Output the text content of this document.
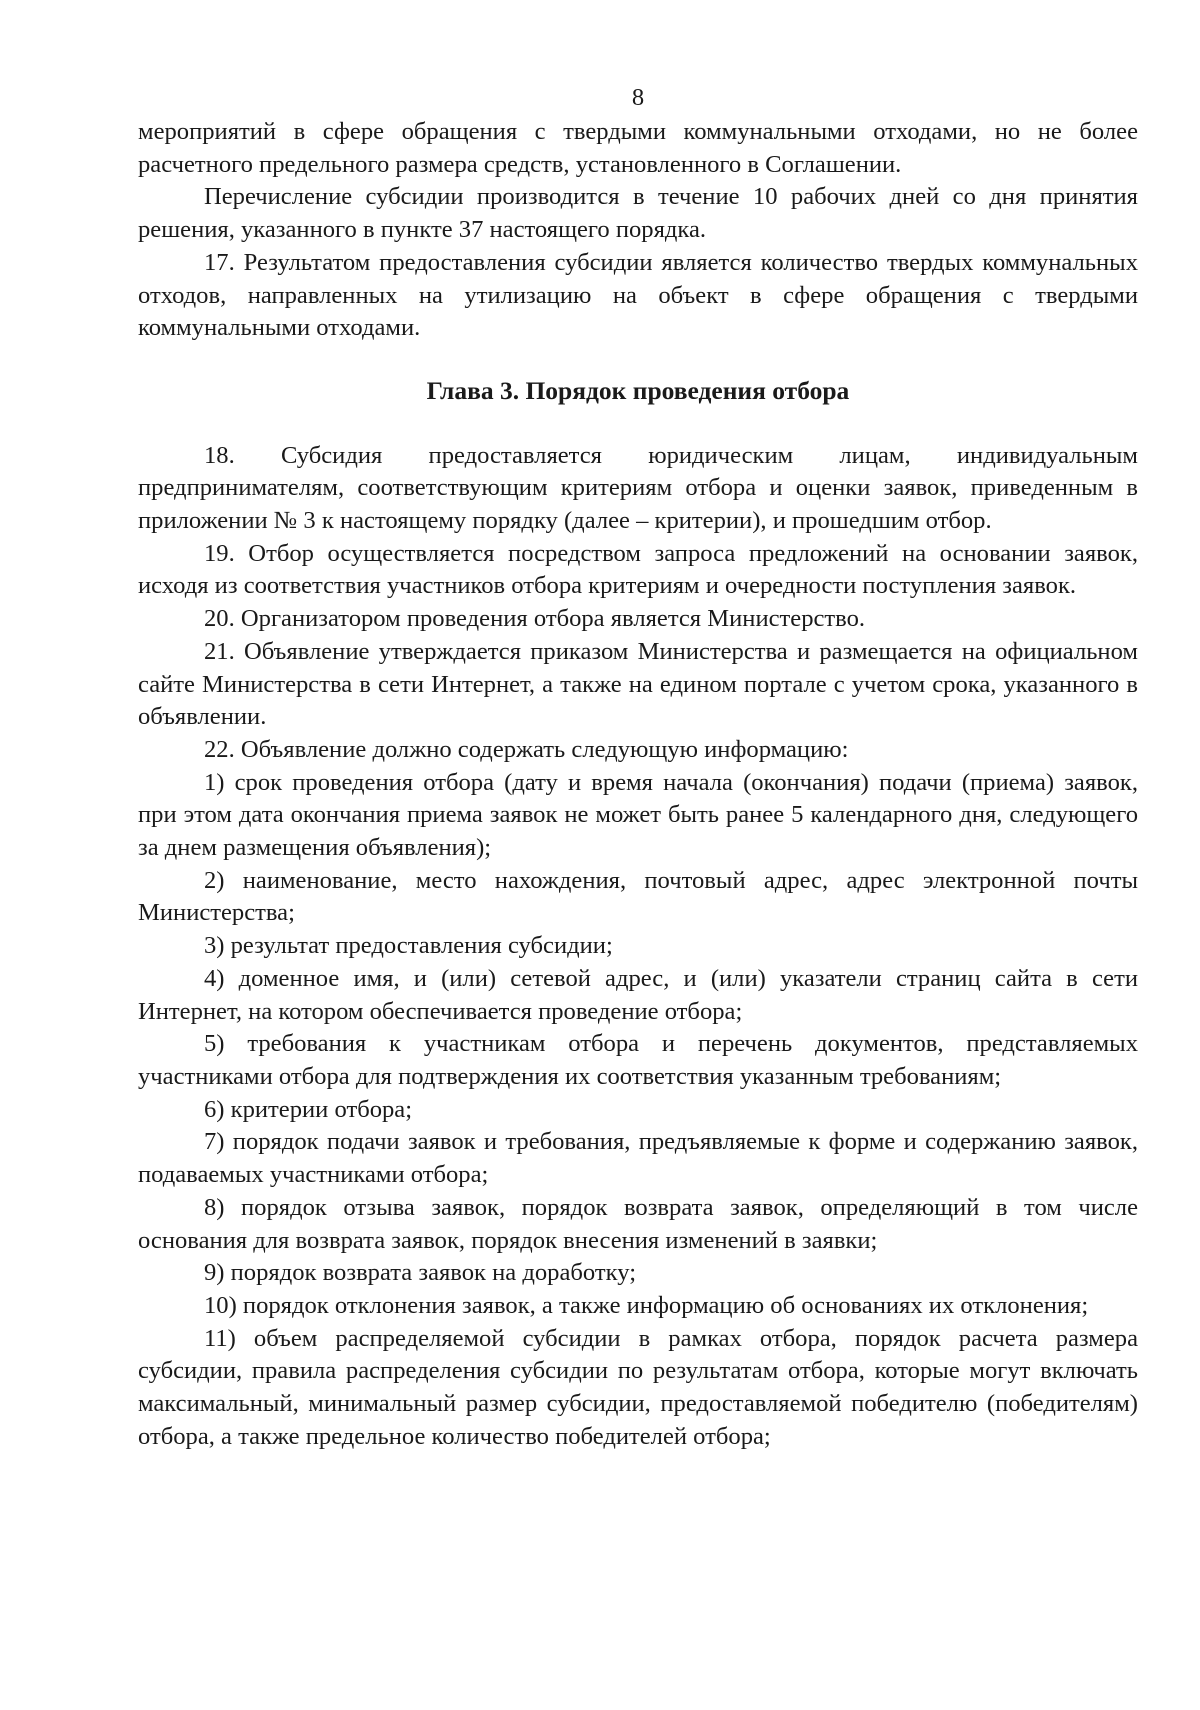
8

мероприятий в сфере обращения с твердыми коммунальными отходами, но не более расчетного предельного размера средств, установленного в Соглашении.

Перечисление субсидии производится в течение 10 рабочих дней со дня принятия решения, указанного в пункте 37 настоящего порядка.

17. Результатом предоставления субсидии является количество твердых коммунальных отходов, направленных на утилизацию на объект в сфере обращения с твердыми коммунальными отходами.

Глава 3. Порядок проведения отбора

18. Субсидия предоставляется юридическим лицам, индивидуальным предпринимателям, соответствующим критериям отбора и оценки заявок, приведенным в приложении № 3 к настоящему порядку (далее – критерии), и прошедшим отбор.

19. Отбор осуществляется посредством запроса предложений на основании заявок, исходя из соответствия участников отбора критериям и очередности поступления заявок.

20. Организатором проведения отбора является Министерство.

21. Объявление утверждается приказом Министерства и размещается на официальном сайте Министерства в сети Интернет, а также на едином портале с учетом срока, указанного в объявлении.

22. Объявление должно содержать следующую информацию:

1) срок проведения отбора (дату и время начала (окончания) подачи (приема) заявок, при этом дата окончания приема заявок не может быть ранее 5 календарного дня, следующего за днем размещения объявления);

2) наименование, место нахождения, почтовый адрес, адрес электронной почты Министерства;

3) результат предоставления субсидии;

4) доменное имя, и (или) сетевой адрес, и (или) указатели страниц сайта в сети Интернет, на котором обеспечивается проведение отбора;

5) требования к участникам отбора и перечень документов, представляемых участниками отбора для подтверждения их соответствия указанным требованиям;

6) критерии отбора;

7) порядок подачи заявок и требования, предъявляемые к форме и содержанию заявок, подаваемых участниками отбора;

8) порядок отзыва заявок, порядок возврата заявок, определяющий в том числе основания для возврата заявок, порядок внесения изменений в заявки;

9) порядок возврата заявок на доработку;

10) порядок отклонения заявок, а также информацию об основаниях их отклонения;

11) объем распределяемой субсидии в рамках отбора, порядок расчета размера субсидии, правила распределения субсидии по результатам отбора, которые могут включать максимальный, минимальный размер субсидии, предоставляемой победителю (победителям) отбора, а также предельное количество победителей отбора;
